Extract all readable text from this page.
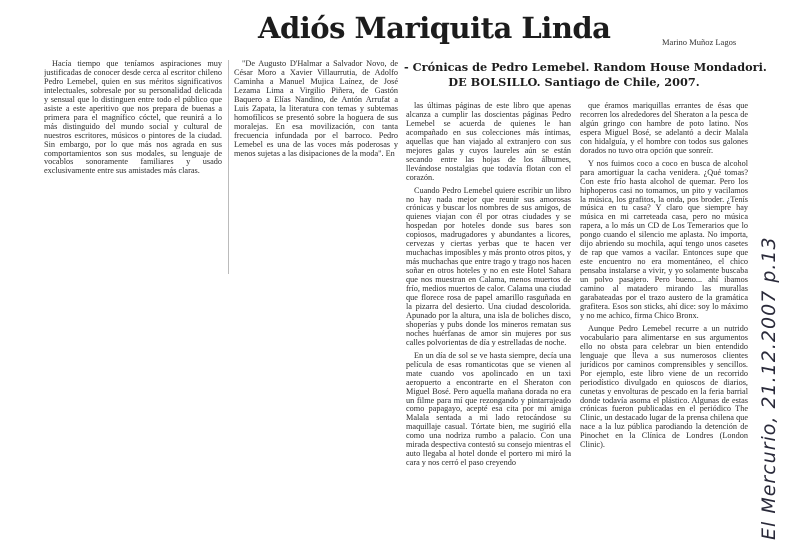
Adiós Mariquita Linda	Marino Muñoz Lagos
- Crónicas de Pedro Lemebel. Random House Mondadori.
DE BOLSILLO. Santiago de Chile, 2007.

Hacía tiempo que teníamos aspiraciones muy justificadas de conocer desde cerca al escritor chileno Pedro Lemebel, quien en sus méritos significativos intelectuales, sobresale por su personalidad delicada y sensual que lo distinguen entre todo el público que asiste a este aperitivo que nos prepara de buenas a primera para el magnífico cóctel, que reunirá a lo más distinguido del mundo social y cultural de nuestros escritores, músicos o pintores de la ciudad. Sin embargo, por lo que más nos agrada en sus comportamientos son sus modales, su lenguaje de vocablos sonoramente familiares y usado exclusivamente entre sus amistades más claras.

"De Augusto D'Halmar a Salvador Novo, de César Moro a Xavier Villaurrutia, de Adolfo Caminha a Manuel Mujica Laínez, de José Lezama Lima a Virgilio Piñera, de Gastón Baquero a Elías Nandino, de Antón Arrufat a Luis Zapata, la literatura con temas y subtemas homofílicos se presentó sobre la hoguera de sus moralejas. En esa movilización, con tanta frecuencia infundada por el barroco. Pedro Lemebel es una de las voces más poderosas y menos sujetas a las disipaciones de la moda". En

las últimas páginas de este libro que apenas alcanza a cumplir las doscientas páginas Pedro Lemebel se acuerda de quienes le han acompañado en sus colecciones más íntimas, aquellas que han viajado al extranjero con sus mejores galas y cuyos laureles aún se están secando entre las hojas de los álbumes, llevándose nostalgias que todavía flotan con el corazón.

Cuando Pedro Lemebel quiere escribir un libro no hay nada mejor que reunir sus amorosas crónicas y buscar los nombres de sus amigos, de quienes viajan con él por otras ciudades y se hospedan por hoteles donde sus bares son copiosos, madrugadores y abundantes a licores, cervezas y ciertas yerbas que te hacen ver muchachas imposibles y más pronto otros pitos, y más muchachas que entre trago y trago nos hacen soñar en otros hoteles y no en este Hotel Sahara que nos muestran en Calama, menos muertos de frío, medios muertos de calor. Calama una ciudad que florece rosa de papel amarillo rasguñada en la pizarra del desierto. Una ciudad descolorida. Apunado por la altura, una isla de boliches disco, shoperías y pubs donde los mineros rematan sus noches huérfanas de amor sin mujeres por sus calles polvorientas de día y estrelladas de noche.

En un día de sol se ve hasta siempre, decía una película de esas romanticotas que se vienen al mate cuando vos apolincado en un taxi aeropuerto a encontrarte en el Sheraton con Miguel Bosé. Pero aquella mañana dorada no era un filme para mí que rezongando y pintarrajeado como papagayo, acepté esa cita por mi amiga Malala sentada a mi lado retocándose su maquillaje casual. Tórtate bien, me sugirió ella como una nodriza rumbo a palacio. Con una mirada despectiva contestó su consejo mientras el auto llegaba al hotel donde el portero mi miró la cara y nos cerró el paso creyendo

que éramos mariquillas errantes de ésas que recorren los alrededores del Sheraton a la pesca de algún gringo con hambre de poto latino. Nos espera Miguel Bosé, se adelantó a decir Malala con hidalguía, y el hombre con todos sus galones dorados no tuvo otra opción que sonreír.

Y nos fuimos coco a coco en busca de alcohol para amortiguar la cacha venidera. ¿Qué tomas? Con este frío hasta alcohol de quemar. Pero los hiphoperos casi no tomamos, un pito y vacilamos la música, los grafitos, la onda, pos broder. ¿Tenís música en tu casa? Y claro que siempre hay música en mi carreteada casa, pero no música rapera, a lo más un CD de Los Temerarios que lo pongo cuando el silencio me aplasta. No importa, dijo abriendo su mochila, aquí tengo unos casetes de rap que vamos a vacilar. Entonces supe que este encuentro no era momentáneo, el chico pensaba instalarse a vivir, y yo solamente buscaba un polvo pasajero. Pero bueno... ahí íbamos camino al matadero mirando las murallas garabateadas por el trazo austero de la gramática grafitera. Esos son sticks, ahí dice: soy lo máximo y no me achico, firma Chico Bronx.

Aunque Pedro Lemebel recurre a un nutrido vocabulario para alimentarse en sus argumentos ello no obsta para celebrar un bien entendido lenguaje que lleva a sus numerosos clientes jurídicos por caminos comprensibles y sencillos. Por ejemplo, este libro viene de un recorrido periodístico divulgado en quioscos de diarios, cunetas y envolturas de pescado en la feria barrial donde todavía asoma el plástico. Algunas de estas crónicas fueron publicadas en el periódico The Clinic, un destacado lugar de la prensa chilena que nace a la luz pública parodiando la detención de Pinochet en la Clínica de Londres (London Clinic).	El Mercurio, 21.12.2007 p.13
